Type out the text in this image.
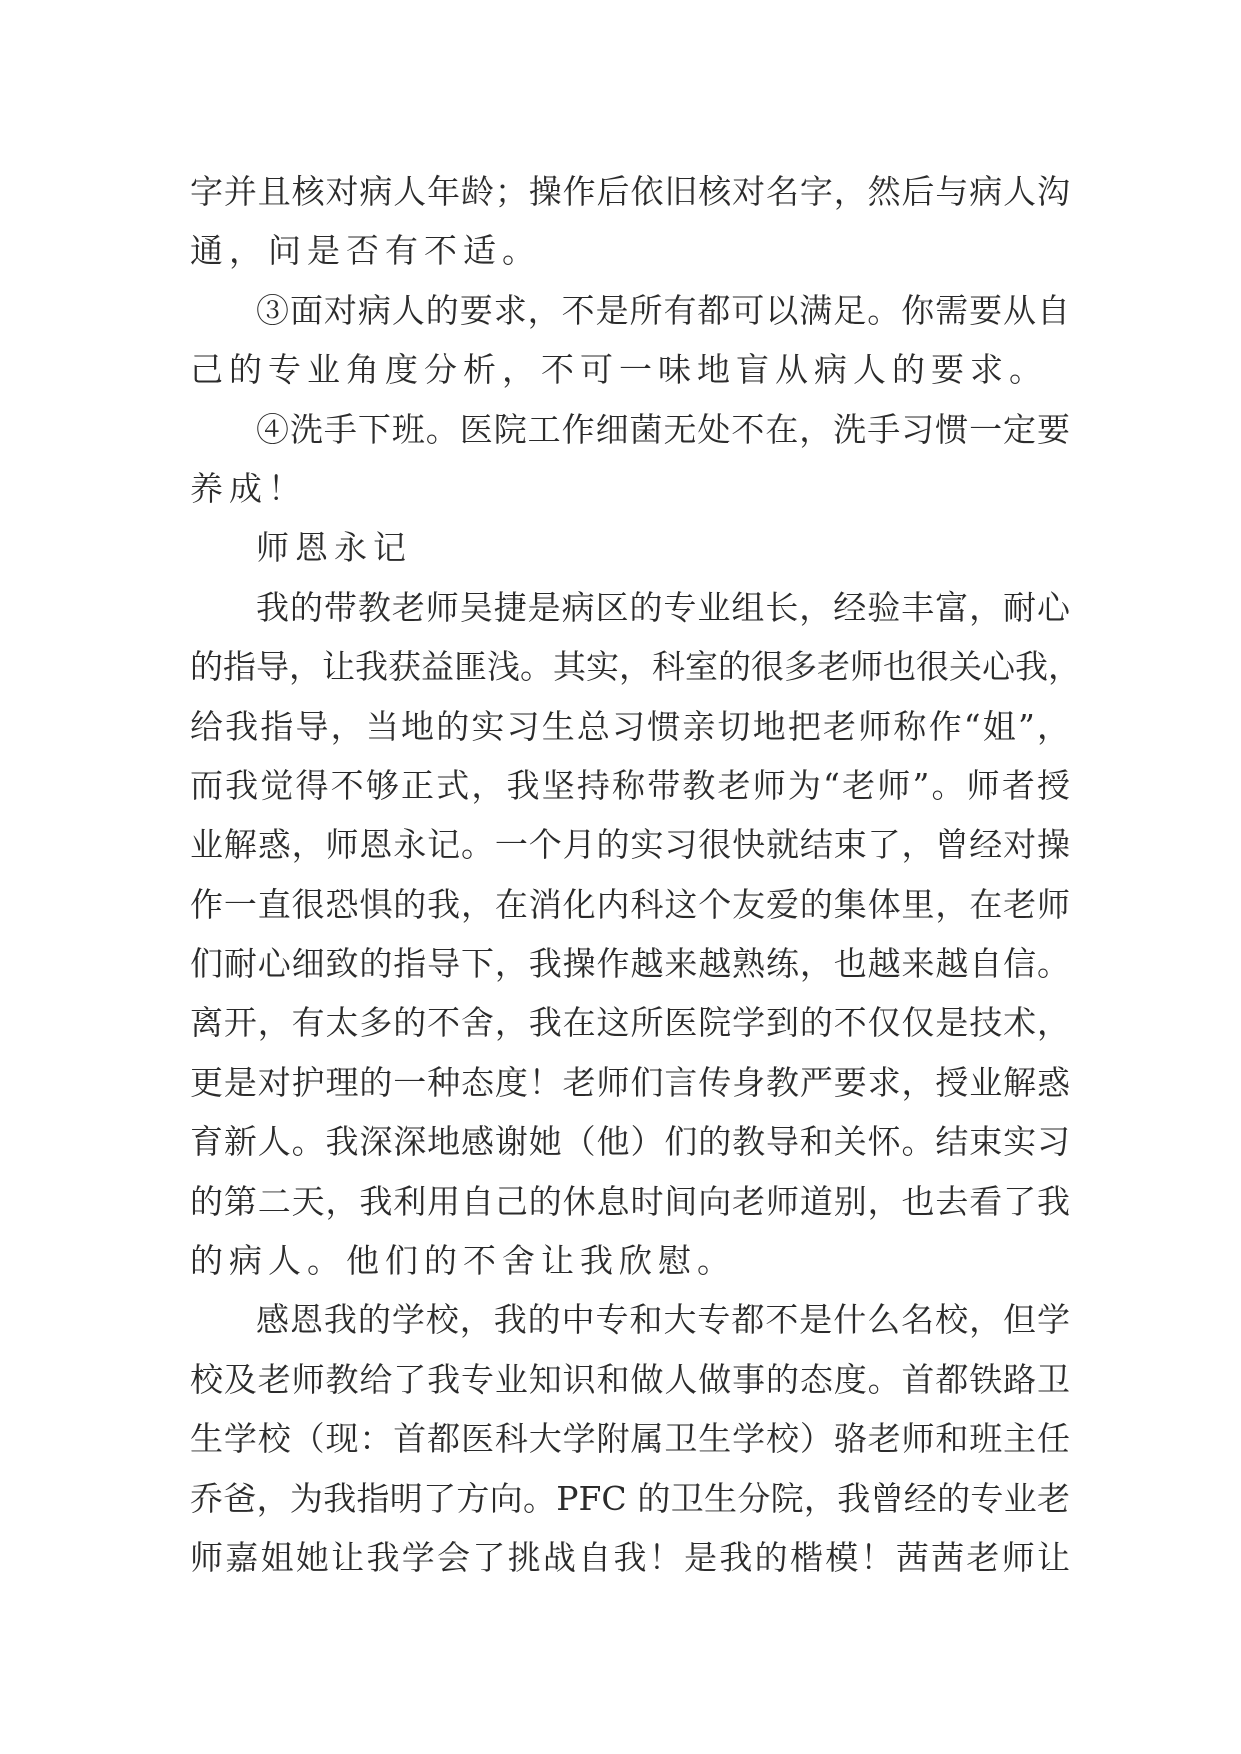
字并且核对病人年龄；操作后依旧核对名字，然后与病人沟
通，问是否有不适。
③面对病人的要求，不是所有都可以满足。你需要从自
己的专业角度分析，不可一味地盲从病人的要求。
④洗手下班。医院工作细菌无处不在，洗手习惯一定要
养成！
师恩永记
我的带教老师吴捷是病区的专业组长，经验丰富，耐心
的指导，让我获益匪浅。其实，科室的很多老师也很关心我，
给我指导，当地的实习生总习惯亲切地把老师称作“姐”，
而我觉得不够正式，我坚持称带教老师为“老师”。师者授
业解惑，师恩永记。一个月的实习很快就结束了，曾经对操
作一直很恐惧的我，在消化内科这个友爱的集体里，在老师
们耐心细致的指导下，我操作越来越熟练，也越来越自信。
离开，有太多的不舍，我在这所医院学到的不仅仅是技术，
更是对护理的一种态度！老师们言传身教严要求，授业解惑
育新人。我深深地感谢她（他）们的教导和关怀。结束实习
的第二天，我利用自己的休息时间向老师道别，也去看了我
的病人。他们的不舍让我欣慰。
感恩我的学校，我的中专和大专都不是什么名校，但学
校及老师教给了我专业知识和做人做事的态度。首都铁路卫
生学校（现：首都医科大学附属卫生学校）骆老师和班主任
乔爸，为我指明了方向。PFC 的卫生分院，我曾经的专业老
师嘉姐她让我学会了挑战自我！是我的楷模！茜茜老师让
